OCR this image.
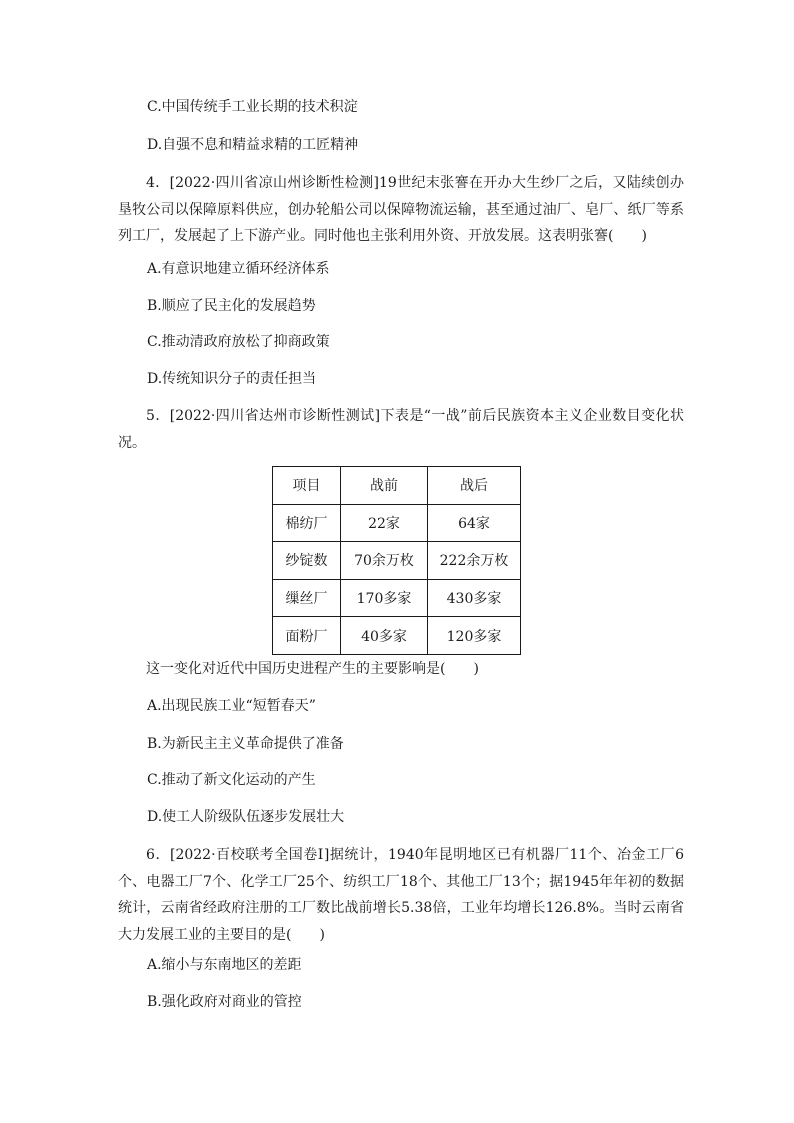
C.中国传统手工业长期的技术积淀
D.自强不息和精益求精的工匠精神
4．[2022·四川省凉山州诊断性检测]19世纪末张謇在开办大生纱厂之后，又陆续创办垦牧公司以保障原料供应，创办轮船公司以保障物流运输，甚至通过油厂、皂厂、纸厂等系列工厂，发展起了上下游产业。同时他也主张利用外资、开放发展。这表明张謇(　　)
A.有意识地建立循环经济体系
B.顺应了民主化的发展趋势
C.推动清政府放松了抑商政策
D.传统知识分子的责任担当
5．[2022·四川省达州市诊断性测试]下表是“一战”前后民族资本主义企业数目变化状况。
项目	战前	战后
棉纺厂	22家	64家
纱锭数	70余万枚	222余万枚
缫丝厂	170多家	430多家
面粉厂	40多家	120多家
这一变化对近代中国历史进程产生的主要影响是(　　)
A.出现民族工业“短暂春天”
B.为新民主主义革命提供了准备
C.推动了新文化运动的产生
D.使工人阶级队伍逐步发展壮大
6．[2022·百校联考全国卷Ⅰ]据统计，1940年昆明地区已有机器厂11个、冶金工厂6个、电器工厂7个、化学工厂25个、纺织工厂18个、其他工厂13个；据1945年年初的数据统计，云南省经政府注册的工厂数比战前增长5.38倍，工业年均增长126.8%。当时云南省大力发展工业的主要目的是(　　)
A.缩小与东南地区的差距
B.强化政府对商业的管控
